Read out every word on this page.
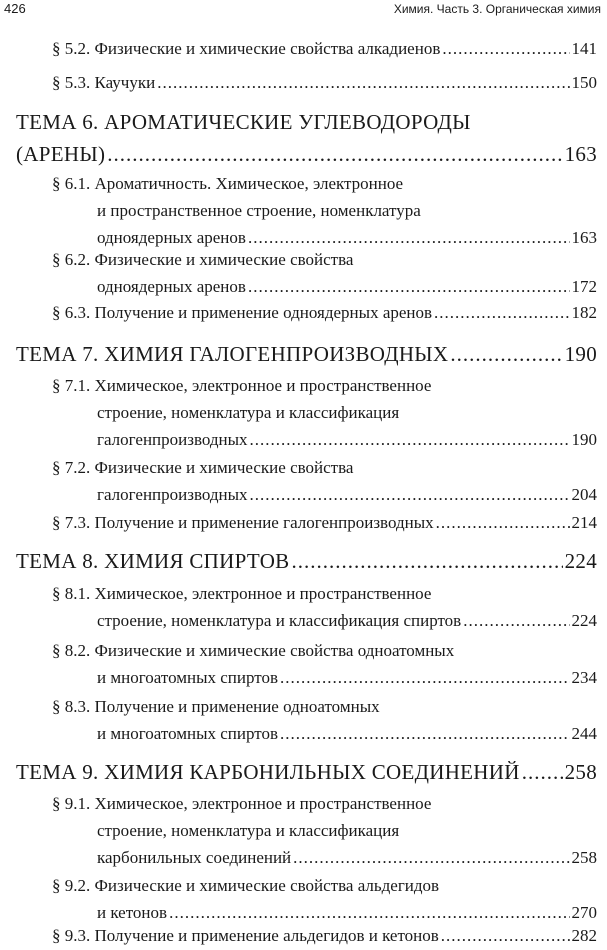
426	Химия. Часть 3. Органическая химия
§ 5.2. Физические и химические свойства алкадиенов .....	141
§ 5.3. Каучуки .....	150
ТЕМА 6. АРОМАТИЧЕСКИЕ УГЛЕВОДОРОДЫ
(АРЕНЫ) .....	163
§ 6.1. Ароматичность. Химическое, электронное
и пространственное строение, номенклатура
одноядерных аренов .....	163
§ 6.2. Физические и химические свойства
одноядерных аренов .....	172
§ 6.3. Получение и применение одноядерных аренов .....	182
ТЕМА 7. ХИМИЯ ГАЛОГЕНПРОИЗВОДНЫХ .....	190
§ 7.1. Химическое, электронное и пространственное
строение, номенклатура и классификация
галогенпроизводных .....	190
§ 7.2. Физические и химические свойства
галогенпроизводных .....	204
§ 7.3. Получение и применение галогенпроизводных .....	214
ТЕМА 8. ХИМИЯ СПИРТОВ .....	224
§ 8.1. Химическое, электронное и пространственное
строение, номенклатура и классификация спиртов .....	224
§ 8.2. Физические и химические свойства одноатомных
и многоатомных спиртов .....	234
§ 8.3. Получение и применение одноатомных
и многоатомных спиртов .....	244
ТЕМА 9. ХИМИЯ КАРБОНИЛЬНЫХ СОЕДИНЕНИЙ ..... 258
§ 9.1. Химическое, электронное и пространственное
строение, номенклатура и классификация
карбонильных соединений .....	258
§ 9.2. Физические и химические свойства альдегидов
и кетонов .....	270
§ 9.3. Получение и применение альдегидов и кетонов .....	282
